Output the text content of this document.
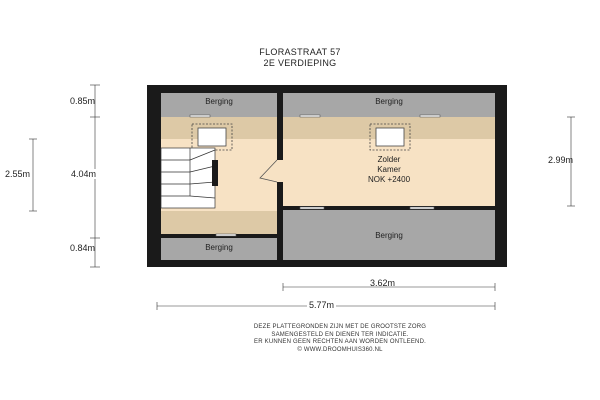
FLORASTRAAT 57
2E VERDIEPING
Berging	Berging
Zolder
Kamer
NOK +2400
Berging
Berging
0.85m
2.55m	4.04m
0.84m
2.99m
3.62m
5.77m
DEZE PLATTEGRONDEN ZIJN MET DE GROOTSTE ZORG
SAMENGESTELD EN DIENEN TER INDICATIE.
ER KUNNEN GEEN RECHTEN AAN WORDEN ONTLEEND.
© WWW.DROOMHUIS360.NL
